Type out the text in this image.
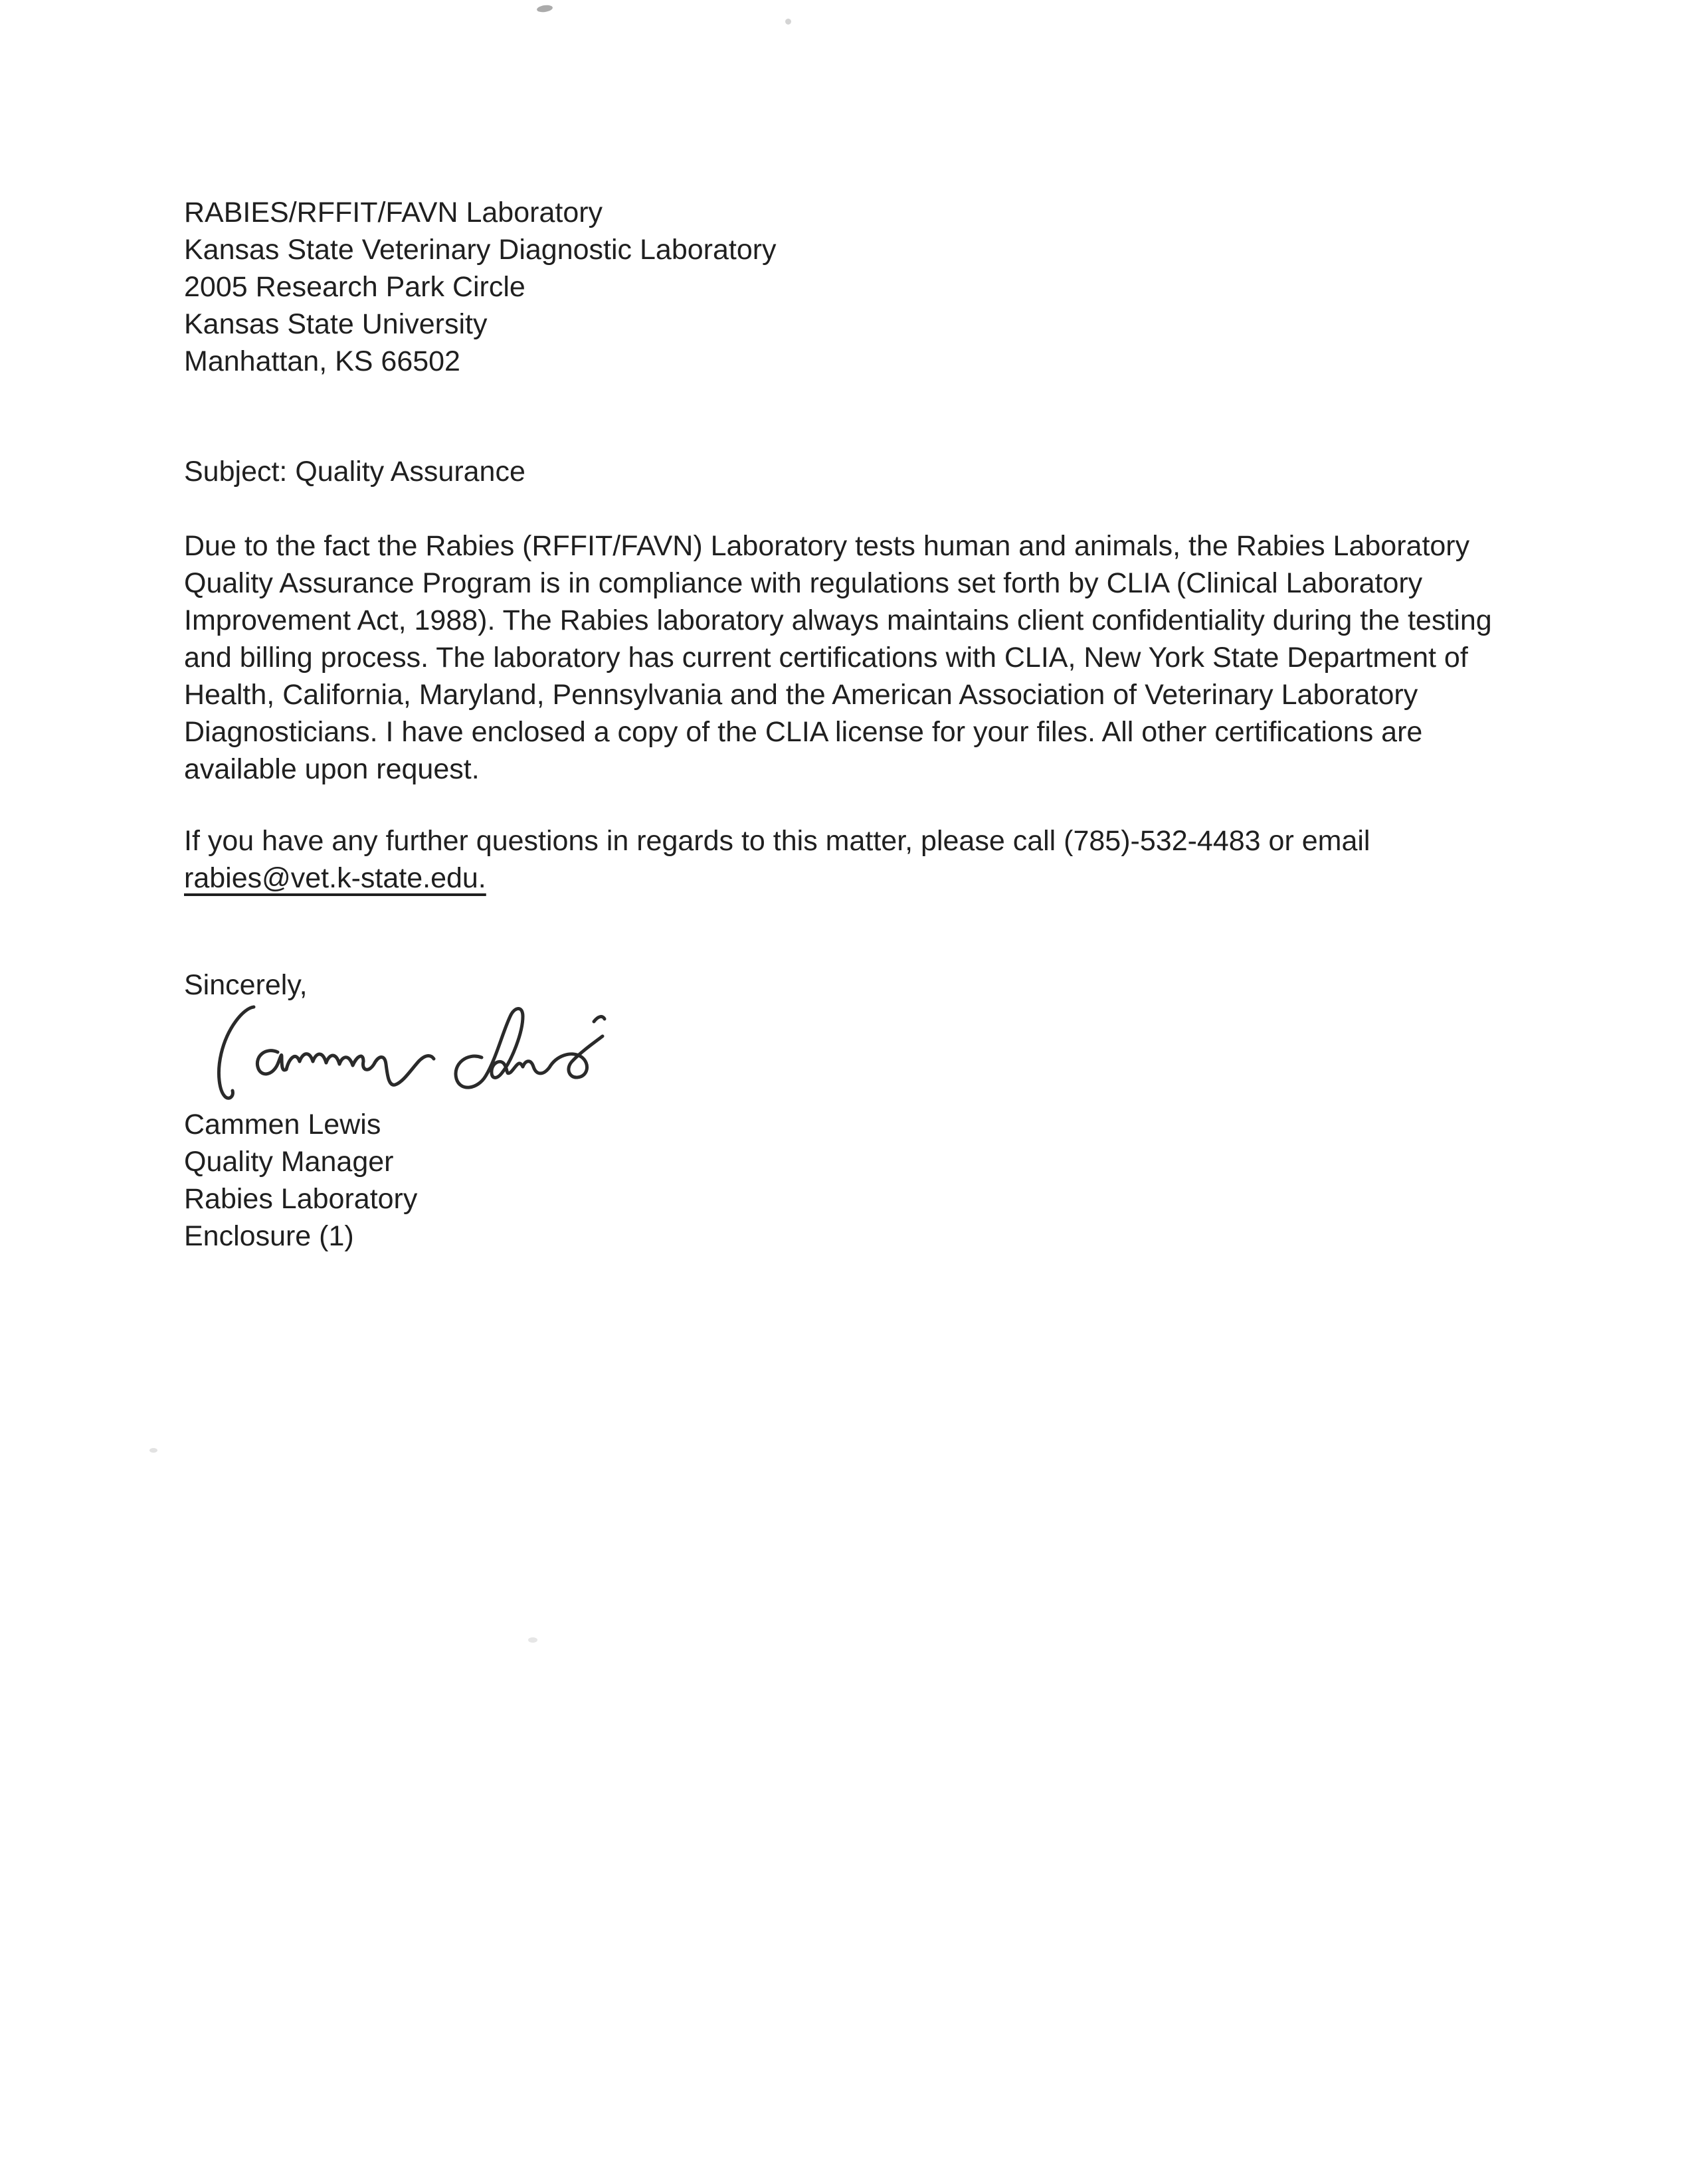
RABIES/RFFIT/FAVN Laboratory
Kansas State Veterinary Diagnostic Laboratory
2005 Research Park Circle
Kansas State University
Manhattan, KS 66502
Subject: Quality Assurance
Due to the fact the Rabies (RFFIT/FAVN) Laboratory tests human and animals, the Rabies Laboratory
Quality Assurance Program is in compliance with regulations set forth by CLIA (Clinical Laboratory
Improvement Act, 1988). The Rabies laboratory always maintains client confidentiality during the testing
and billing process. The laboratory has current certifications with CLIA, New York State Department of
Health, California, Maryland, Pennsylvania and the American Association of Veterinary Laboratory
Diagnosticians. I have enclosed a copy of the CLIA license for your files. All other certifications are
available upon request.
If you have any further questions in regards to this matter, please call (785)-532-4483 or email
rabies@vet.k-state.edu.
Sincerely,
Cammen Lewis
Quality Manager
Rabies Laboratory
Enclosure (1)
